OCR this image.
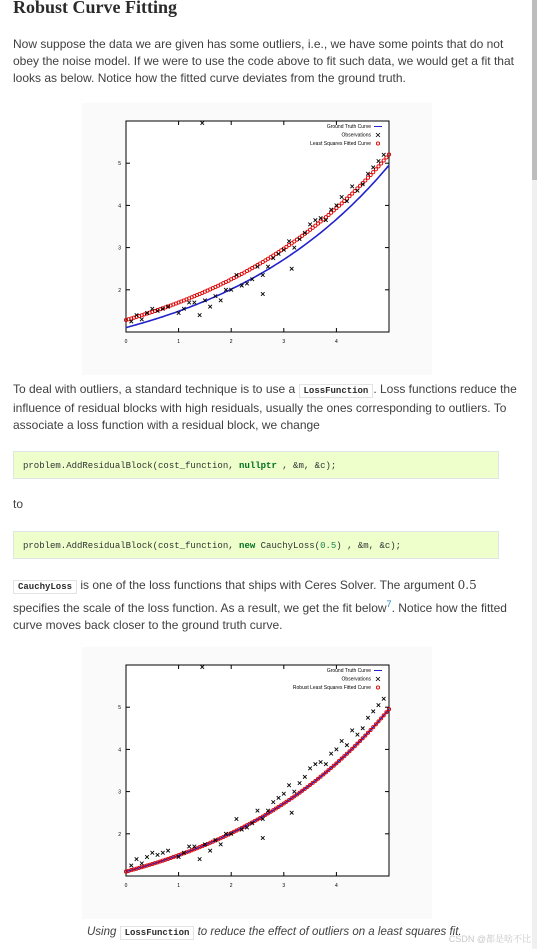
Robust Curve Fitting

Now suppose the data we are given has some outliers, i.e., we have some points that do not obey the noise model. If we were to use the code above to fit such data, we would get a fit that looks as below. Notice how the fitted curve deviates from the ground truth.

0	1	2	3	4
2
3
4
5
Ground Truth Curve
Observations
Least Squares Fitted Curve

To deal with outliers, a standard technique is to use a LossFunction . Loss functions reduce the influence of residual blocks with high residuals, usually the ones corresponding to outliers. To associate a loss function with a residual block, we change

problem.AddResidualBlock(cost_function, nullptr , &m, &c);

to

problem.AddResidualBlock(cost_function, new CauchyLoss(0.5) , &m, &c);

CauchyLoss is one of the loss functions that ships with Ceres Solver. The argument 0.5 specifies the scale of the loss function. As a result, we get the fit below$^7$. Notice how the fitted curve moves back closer to the ground truth curve.

0	1	2	3	4
2
3
4
5
Ground Truth Curve
Observations
Robust Least Squares Fitted Curve
Using LossFunction to reduce the effect of outliers on a least squares fit.
CSDN @都是啥不比
